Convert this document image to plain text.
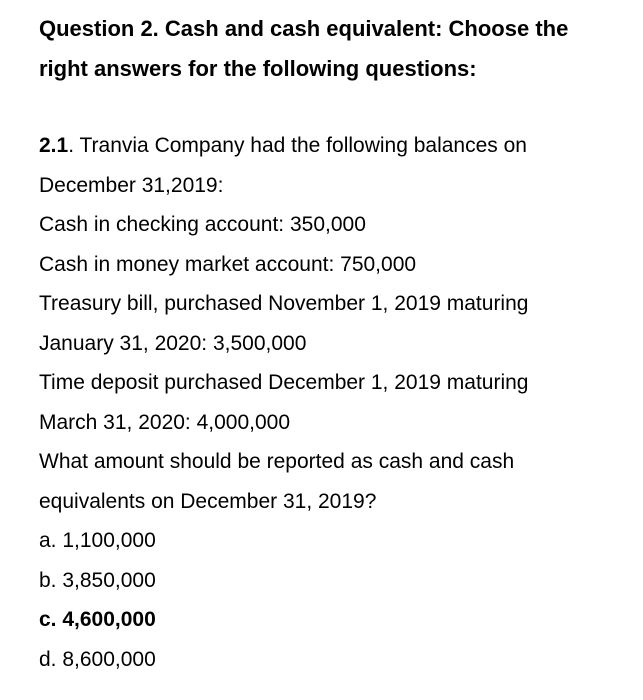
Question 2. Cash and cash equivalent: Choose the
right answers for the following questions:
2.1. Tranvia Company had the following balances on
December 31,2019:
Cash in checking account: 350,000
Cash in money market account: 750,000
Treasury bill, purchased November 1, 2019 maturing
January 31, 2020: 3,500,000
Time deposit purchased December 1, 2019 maturing
March 31, 2020: 4,000,000
What amount should be reported as cash and cash
equivalents on December 31, 2019?
a. 1,100,000
b. 3,850,000
c. 4,600,000
d. 8,600,000
